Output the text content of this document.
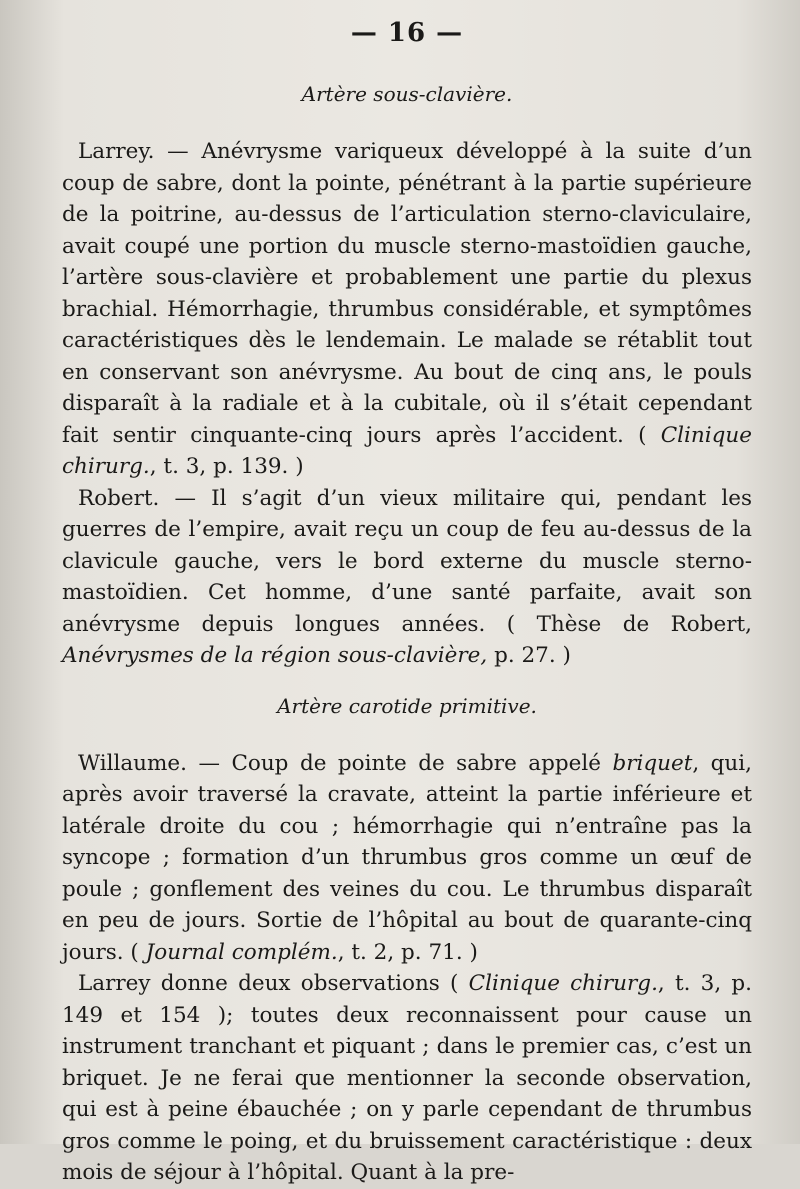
— 16 —
Artère sous-clavière.

Larrey. — Anévrysme variqueux développé à la suite d’un coup de sabre, dont la pointe, pénétrant à la partie supérieure de la poitrine, au-dessus de l’articulation sterno-claviculaire, avait coupé une portion du muscle sterno-mastoïdien gauche, l’artère sous-clavière et probablement une partie du plexus brachial. Hémorrhagie, thrumbus considérable, et symptômes caractéristiques dès le lendemain. Le malade se rétablit tout en conservant son anévrysme. Au bout de cinq ans, le pouls disparaît à la radiale et à la cubitale, où il s’était cependant fait sentir cinquante-cinq jours après l’accident. ( Clinique chirurg., t. 3, p. 139. )

Robert. — Il s’agit d’un vieux militaire qui, pendant les guerres de l’empire, avait reçu un coup de feu au-dessus de la clavicule gauche, vers le bord externe du muscle sterno-mastoïdien. Cet homme, d’une santé parfaite, avait son anévrysme depuis longues années. ( Thèse de Robert, Anévrysmes de la région sous-clavière, p. 27. )

Artère carotide primitive.

Willaume. — Coup de pointe de sabre appelé briquet, qui, après avoir traversé la cravate, atteint la partie inférieure et latérale droite du cou ; hémorrhagie qui n’entraîne pas la syncope ; formation d’un thrumbus gros comme un œuf de poule ; gonflement des veines du cou. Le thrumbus disparaît en peu de jours. Sortie de l’hôpital au bout de quarante-cinq jours. ( Journal complém., t. 2, p. 71. )

Larrey donne deux observations ( Clinique chirurg., t. 3, p. 149 et 154 ); toutes deux reconnaissent pour cause un instrument tranchant et piquant ; dans le premier cas, c’est un briquet. Je ne ferai que mentionner la seconde observation, qui est à peine ébauchée ; on y parle cependant de thrumbus gros comme le poing, et du bruissement caractéristique : deux mois de séjour à l’hôpital. Quant à la pre-
